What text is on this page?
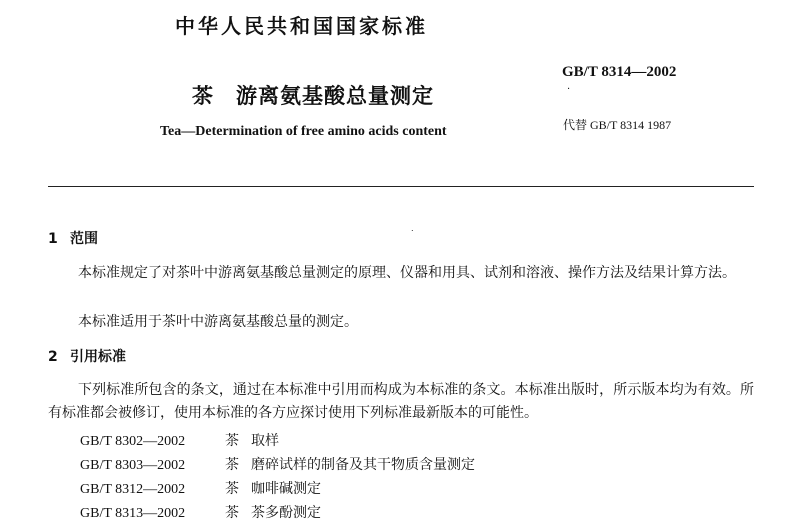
中华人民共和国国家标准
GB/T 8314—2002
·
茶　游离氨基酸总量测定
Tea—Determination of free amino acids content	代替 GB/T 8314 1987
.
1 范围
本标准规定了对茶叶中游离氨基酸总量测定的原理、仪器和用具、试剂和溶液、操作方法及结果计算方法。
本标准适用于茶叶中游离氨基酸总量的测定。
2 引用标准
下列标准所包含的条文，通过在本标准中引用而构成为本标准的条文。本标准出版时，所示版本均为有效。所有标准都会被修订，使用本标准的各方应探讨使用下列标准最新版本的可能性。
GB/T 8302—2002	茶 取样
GB/T 8303—2002	茶 磨碎试样的制备及其干物质含量测定
GB/T 8312—2002	茶 咖啡碱测定
GB/T 8313—2002	茶 茶多酚测定
